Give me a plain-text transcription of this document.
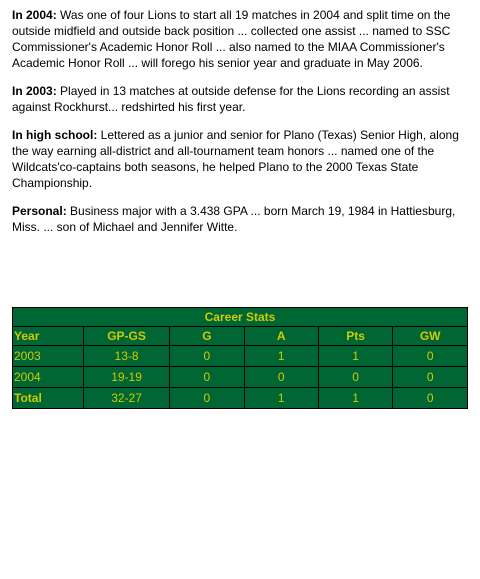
In 2004: Was one of four Lions to start all 19 matches in 2004 and split time on the outside midfield and outside back position ... collected one assist ... named to SSC Commissioner's Academic Honor Roll ... also named to the MIAA Commissioner's Academic Honor Roll ... will forego his senior year and graduate in May 2006.

In 2003: Played in 13 matches at outside defense for the Lions recording an assist against Rockhurst... redshirted his first year.

In high school: Lettered as a junior and senior for Plano (Texas) Senior High, along the way earning all-district and all-tournament team honors ... named one of the Wildcats'co-captains both seasons, he helped Plano to the 2000 Texas State Championship.

Personal: Business major with a 3.438 GPA ... born March 19, 1984 in Hattiesburg, Miss. ... son of Michael and Jennifer Witte.

Career Stats					
Year	GP-GS	G	A	Pts	GW
2003	13-8	0	1	1	0
2004	19-19	0	0	0	0
Total	32-27	0	1	1	0
